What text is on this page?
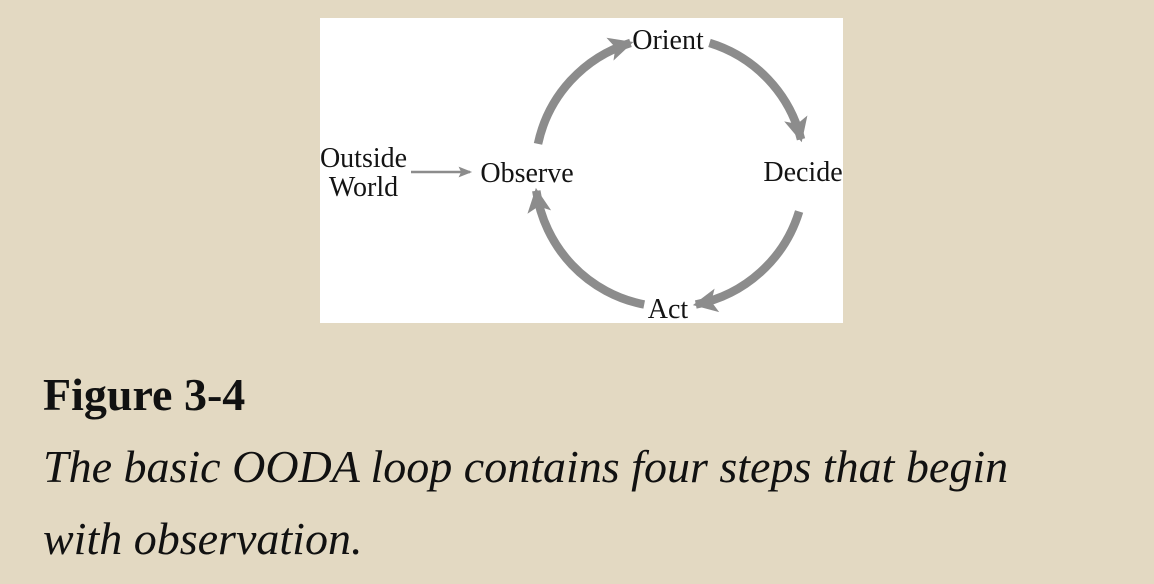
Outside
World	Observe
Orient
Decide
Act
Figure 3-4
The basic OODA loop contains four steps that begin
with observation.
